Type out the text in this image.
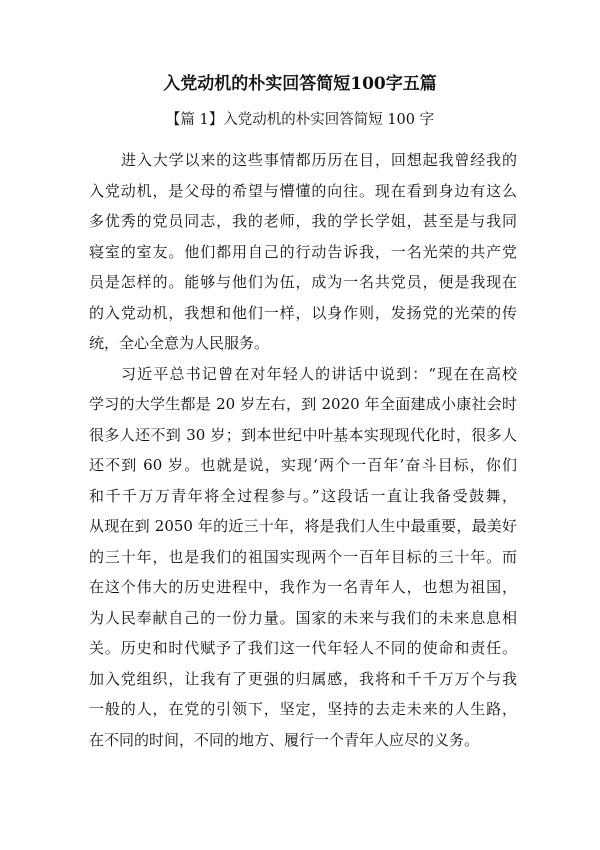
入党动机的朴实回答简短100字五篇
【篇 1】入党动机的朴实回答简短 100 字
进入大学以来的这些事情都历历在目，回想起我曾经我的
入党动机，是父母的希望与懵懂的向往。现在看到身边有这么
多优秀的党员同志，我的老师，我的学长学姐，甚至是与我同
寝室的室友。他们都用自己的行动告诉我，一名光荣的共产党
员是怎样的。能够与他们为伍，成为一名共党员，便是我现在
的入党动机，我想和他们一样，以身作则，发扬党的光荣的传
统，全心全意为人民服务。
习近平总书记曾在对年轻人的讲话中说到：“现在在高校
学习的大学生都是 20 岁左右，到 2020 年全面建成小康社会时
很多人还不到 30 岁；到本世纪中叶基本实现现代化时，很多人
还不到 60 岁。也就是说，实现‘两个一百年’奋斗目标，你们
和千千万万青年将全过程参与。”这段话一直让我备受鼓舞，
从现在到 2050 年的近三十年，将是我们人生中最重要，最美好
的三十年，也是我们的祖国实现两个一百年目标的三十年。而
在这个伟大的历史进程中，我作为一名青年人，也想为祖国，
为人民奉献自己的一份力量。国家的未来与我们的未来息息相
关。历史和时代赋予了我们这一代年轻人不同的使命和责任。
加入党组织，让我有了更强的归属感，我将和千千万万个与我
一般的人，在党的引领下，坚定，坚持的去走未来的人生路，
在不同的时间，不同的地方、履行一个青年人应尽的义务。
